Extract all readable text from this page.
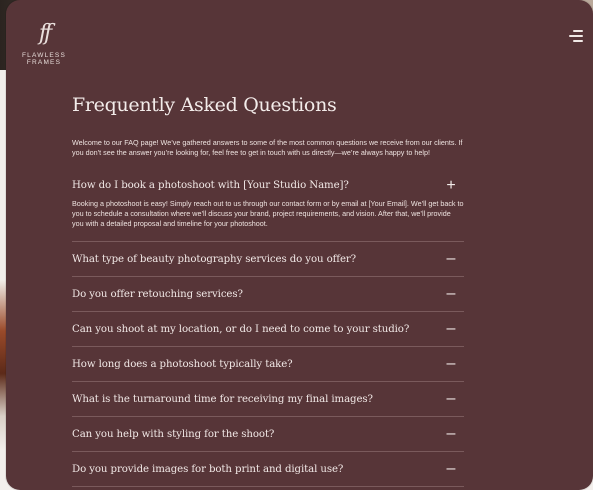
ff
FLAWLESS
FRAMES
Frequently Asked Questions
Welcome to our FAQ page! We’ve gathered answers to some of the most common questions we receive from our clients. If you don’t see the answer you’re looking for, feel free to get in touch with us directly—we’re always happy to help!
How do I book a photoshoot with [Your Studio Name]?	+
Booking a photoshoot is easy! Simply reach out to us through our contact form or by email at [Your Email]. We’ll get back to you to schedule a consultation where we’ll discuss your brand, project requirements, and vision. After that, we’ll provide you with a detailed proposal and timeline for your photoshoot.
What type of beauty photography services do you offer?	–
Do you offer retouching services?	–
Can you shoot at my location, or do I need to come to your studio? –
How long does a photoshoot typically take?	–
What is the turnaround time for receiving my final images?	–
Can you help with styling for the shoot?	–
Do you provide images for both print and digital use?	–
